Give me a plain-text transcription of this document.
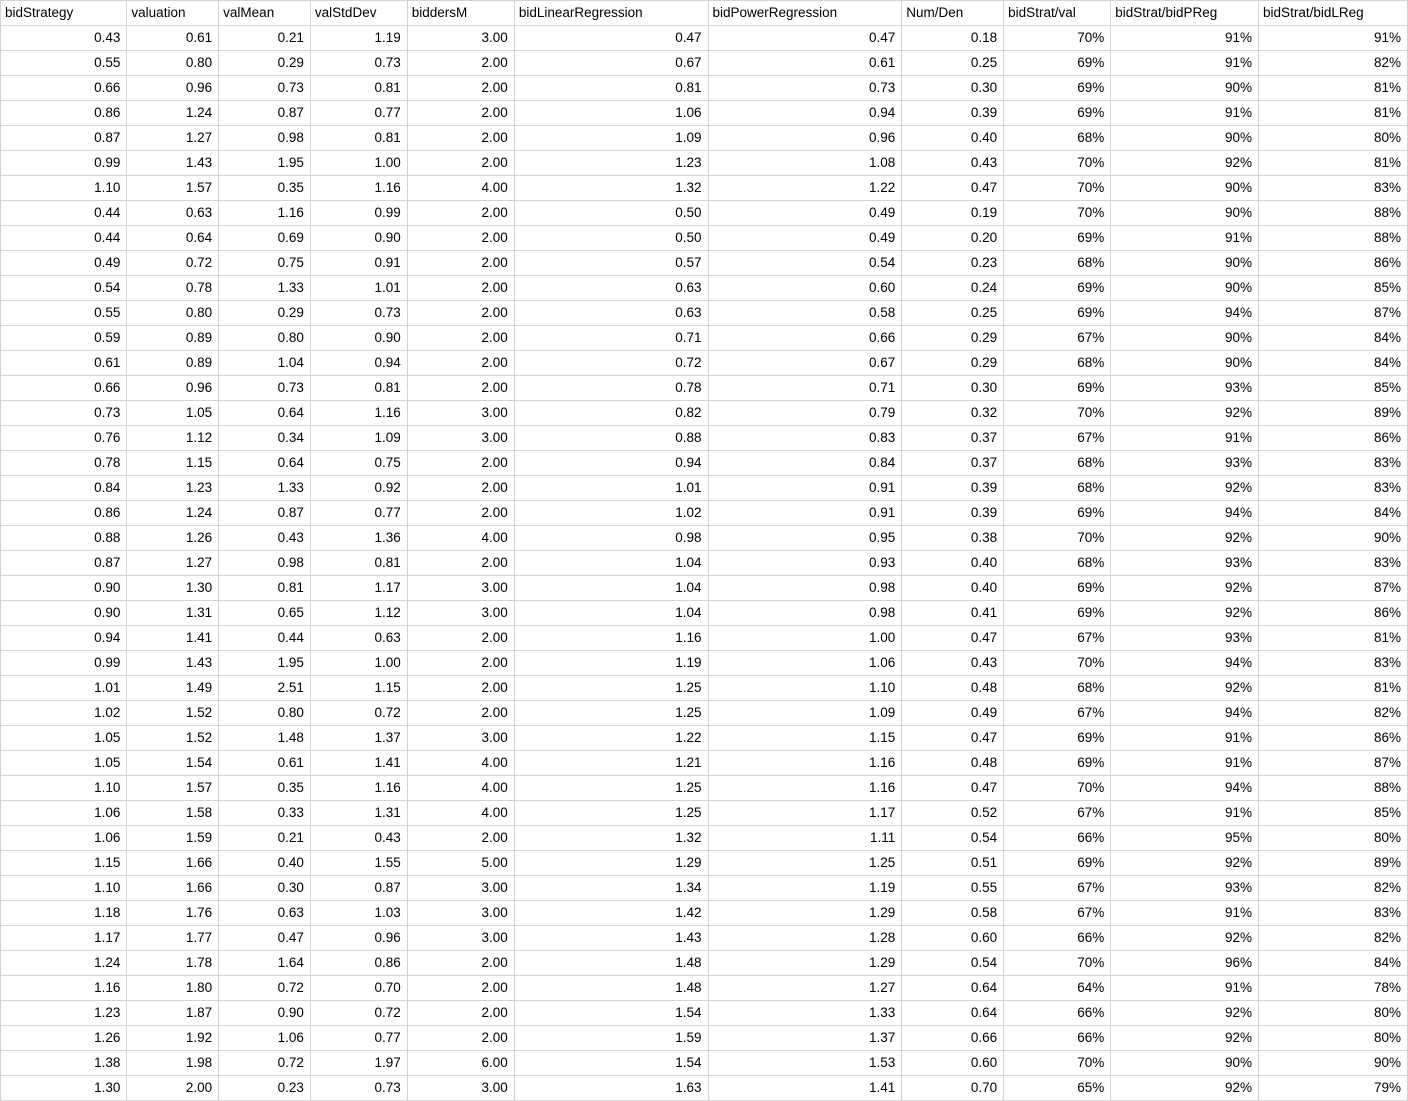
bidStrategy	valuation	valMean	valStdDev	biddersM	bidLinearRegression	bidPowerRegression	Num/Den	bidStrat/val	bidStrat/bidPReg	bidStrat/bidLReg
0.43	0.61	0.21	1.19	3.00	0.47	0.47	0.18	70%	91%	91%
0.55	0.80	0.29	0.73	2.00	0.67	0.61	0.25	69%	91%	82%
0.66	0.96	0.73	0.81	2.00	0.81	0.73	0.30	69%	90%	81%
0.86	1.24	0.87	0.77	2.00	1.06	0.94	0.39	69%	91%	81%
0.87	1.27	0.98	0.81	2.00	1.09	0.96	0.40	68%	90%	80%
0.99	1.43	1.95	1.00	2.00	1.23	1.08	0.43	70%	92%	81%
1.10	1.57	0.35	1.16	4.00	1.32	1.22	0.47	70%	90%	83%
0.44	0.63	1.16	0.99	2.00	0.50	0.49	0.19	70%	90%	88%
0.44	0.64	0.69	0.90	2.00	0.50	0.49	0.20	69%	91%	88%
0.49	0.72	0.75	0.91	2.00	0.57	0.54	0.23	68%	90%	86%
0.54	0.78	1.33	1.01	2.00	0.63	0.60	0.24	69%	90%	85%
0.55	0.80	0.29	0.73	2.00	0.63	0.58	0.25	69%	94%	87%
0.59	0.89	0.80	0.90	2.00	0.71	0.66	0.29	67%	90%	84%
0.61	0.89	1.04	0.94	2.00	0.72	0.67	0.29	68%	90%	84%
0.66	0.96	0.73	0.81	2.00	0.78	0.71	0.30	69%	93%	85%
0.73	1.05	0.64	1.16	3.00	0.82	0.79	0.32	70%	92%	89%
0.76	1.12	0.34	1.09	3.00	0.88	0.83	0.37	67%	91%	86%
0.78	1.15	0.64	0.75	2.00	0.94	0.84	0.37	68%	93%	83%
0.84	1.23	1.33	0.92	2.00	1.01	0.91	0.39	68%	92%	83%
0.86	1.24	0.87	0.77	2.00	1.02	0.91	0.39	69%	94%	84%
0.88	1.26	0.43	1.36	4.00	0.98	0.95	0.38	70%	92%	90%
0.87	1.27	0.98	0.81	2.00	1.04	0.93	0.40	68%	93%	83%
0.90	1.30	0.81	1.17	3.00	1.04	0.98	0.40	69%	92%	87%
0.90	1.31	0.65	1.12	3.00	1.04	0.98	0.41	69%	92%	86%
0.94	1.41	0.44	0.63	2.00	1.16	1.00	0.47	67%	93%	81%
0.99	1.43	1.95	1.00	2.00	1.19	1.06	0.43	70%	94%	83%
1.01	1.49	2.51	1.15	2.00	1.25	1.10	0.48	68%	92%	81%
1.02	1.52	0.80	0.72	2.00	1.25	1.09	0.49	67%	94%	82%
1.05	1.52	1.48	1.37	3.00	1.22	1.15	0.47	69%	91%	86%
1.05	1.54	0.61	1.41	4.00	1.21	1.16	0.48	69%	91%	87%
1.10	1.57	0.35	1.16	4.00	1.25	1.16	0.47	70%	94%	88%
1.06	1.58	0.33	1.31	4.00	1.25	1.17	0.52	67%	91%	85%
1.06	1.59	0.21	0.43	2.00	1.32	1.11	0.54	66%	95%	80%
1.15	1.66	0.40	1.55	5.00	1.29	1.25	0.51	69%	92%	89%
1.10	1.66	0.30	0.87	3.00	1.34	1.19	0.55	67%	93%	82%
1.18	1.76	0.63	1.03	3.00	1.42	1.29	0.58	67%	91%	83%
1.17	1.77	0.47	0.96	3.00	1.43	1.28	0.60	66%	92%	82%
1.24	1.78	1.64	0.86	2.00	1.48	1.29	0.54	70%	96%	84%
1.16	1.80	0.72	0.70	2.00	1.48	1.27	0.64	64%	91%	78%
1.23	1.87	0.90	0.72	2.00	1.54	1.33	0.64	66%	92%	80%
1.26	1.92	1.06	0.77	2.00	1.59	1.37	0.66	66%	92%	80%
1.38	1.98	0.72	1.97	6.00	1.54	1.53	0.60	70%	90%	90%
1.30	2.00	0.23	0.73	3.00	1.63	1.41	0.70	65%	92%	79%
